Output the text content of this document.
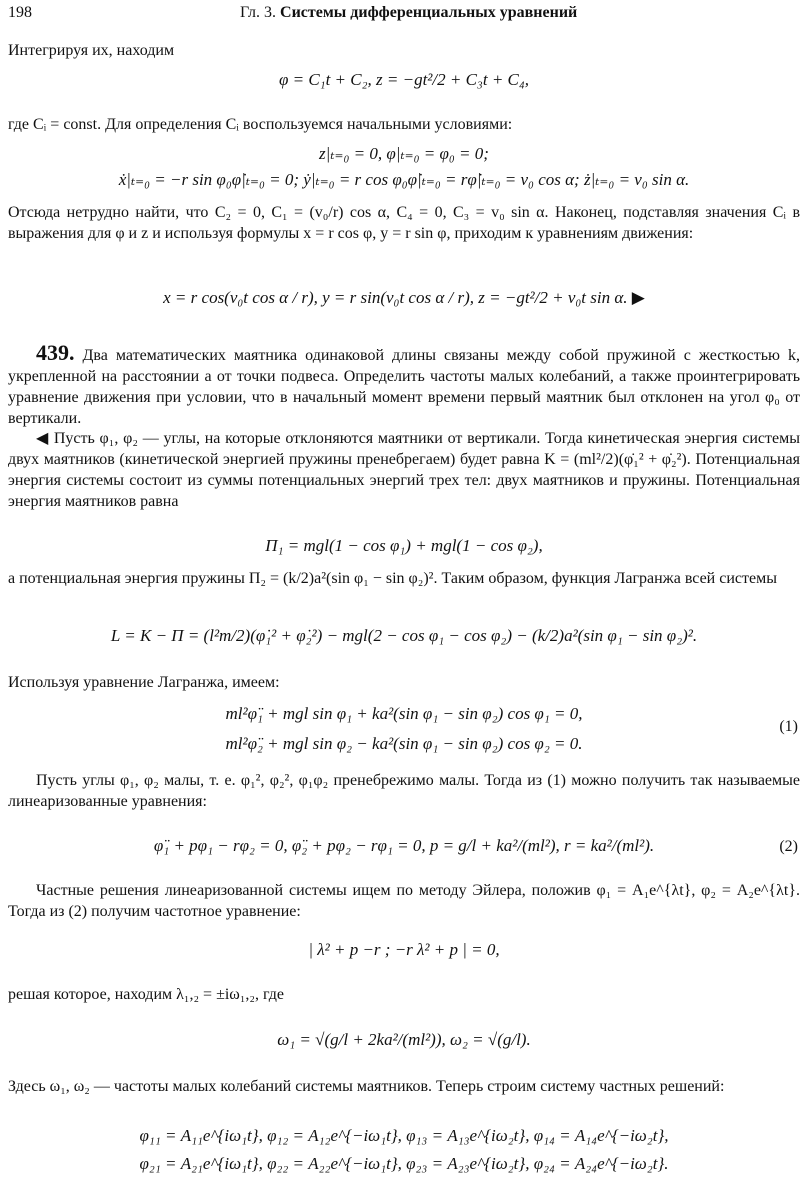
198	Гл. 3. Системы дифференциальных уравнений

Интегрируя их, находим

φ = C₁t + C₂, z = −gt²/2 + C₃t + C₄,

где Cᵢ = const. Для определения Cᵢ воспользуемся начальными условиями:

z|ₜ₌₀ = 0, φ|ₜ₌₀ = φ₀ = 0;
ẋ|ₜ₌₀ = −r sin φ₀φ̇|ₜ₌₀ = 0; ẏ|ₜ₌₀ = r cos φ₀φ̇|ₜ₌₀ = rφ̇|ₜ₌₀ = v₀ cos α; ż|ₜ₌₀ = v₀ sin α.

Отсюда нетрудно найти, что C₂ = 0, C₁ = (v₀/r) cos α, C₄ = 0, C₃ = v₀ sin α. Наконец, подставляя значения Cᵢ в выражения для φ и z и используя формулы x = r cos φ, y = r sin φ, приходим к уравнениям движения:

x = r cos(v₀t cos α / r), y = r sin(v₀t cos α / r), z = −gt²/2 + v₀t sin α. ▶

439. Два математических маятника одинаковой длины связаны между собой пружиной с жесткостью k, укрепленной на расстоянии a от точки подвеса. Определить частоты малых колебаний, а также проинтегрировать уравнение движения при условии, что в начальный момент времени первый маятник был отклонен на угол φ₀ от вертикали.

◀ Пусть φ₁, φ₂ — углы, на которые отклоняются маятники от вертикали. Тогда кинетическая энергия системы двух маятников (кинетической энергией пружины пренебрегаем) будет равна K = (ml²/2)(φ̇₁² + φ̇₂²). Потенциальная энергия системы состоит из суммы потенциальных энергий трех тел: двух маятников и пружины. Потенциальная энергия маятников равна

Π₁ = mgl(1 − cos φ₁) + mgl(1 − cos φ₂),

а потенциальная энергия пружины Π₂ = (k/2)a²(sin φ₁ − sin φ₂)². Таким образом, функция Лагранжа всей системы

L = K − Π = (l²m/2)(φ̇₁² + φ̇₂²) − mgl(2 − cos φ₁ − cos φ₂) − (k/2)a²(sin φ₁ − sin φ₂)².

Используя уравнение Лагранжа, имеем:

ml²φ̈₁ + mgl sin φ₁ + ka²(sin φ₁ − sin φ₂) cos φ₁ = 0,
ml²φ̈₂ + mgl sin φ₂ − ka²(sin φ₁ − sin φ₂) cos φ₂ = 0.
(1)

Пусть углы φ₁, φ₂ малы, т. е. φ₁², φ₂², φ₁φ₂ пренебрежимо малы. Тогда из (1) можно получить так называемые линеаризованные уравнения:

φ̈₁ + pφ₁ − rφ₂ = 0, φ̈₂ + pφ₂ − rφ₁ = 0, p = g/l + ka²/(ml²), r = ka²/(ml²).	(2)

Частные решения линеаризованной системы ищем по методу Эйлера, положив φ₁ = A₁e^{λt}, φ₂ = A₂e^{λt}. Тогда из (2) получим частотное уравнение:

| λ² + p −r ; −r λ² + p | = 0,

решая которое, находим λ₁,₂ = ±iω₁,₂, где

ω₁ = √(g/l + 2ka²/(ml²)), ω₂ = √(g/l).

Здесь ω₁, ω₂ — частоты малых колебаний системы маятников. Теперь строим систему частных решений:

φ₁₁ = A₁₁e^{iω₁t}, φ₁₂ = A₁₂e^{−iω₁t}, φ₁₃ = A₁₃e^{iω₂t}, φ₁₄ = A₁₄e^{−iω₂t},
φ₂₁ = A₂₁e^{iω₁t}, φ₂₂ = A₂₂e^{−iω₁t}, φ₂₃ = A₂₃e^{iω₂t}, φ₂₄ = A₂₄e^{−iω₂t}.
